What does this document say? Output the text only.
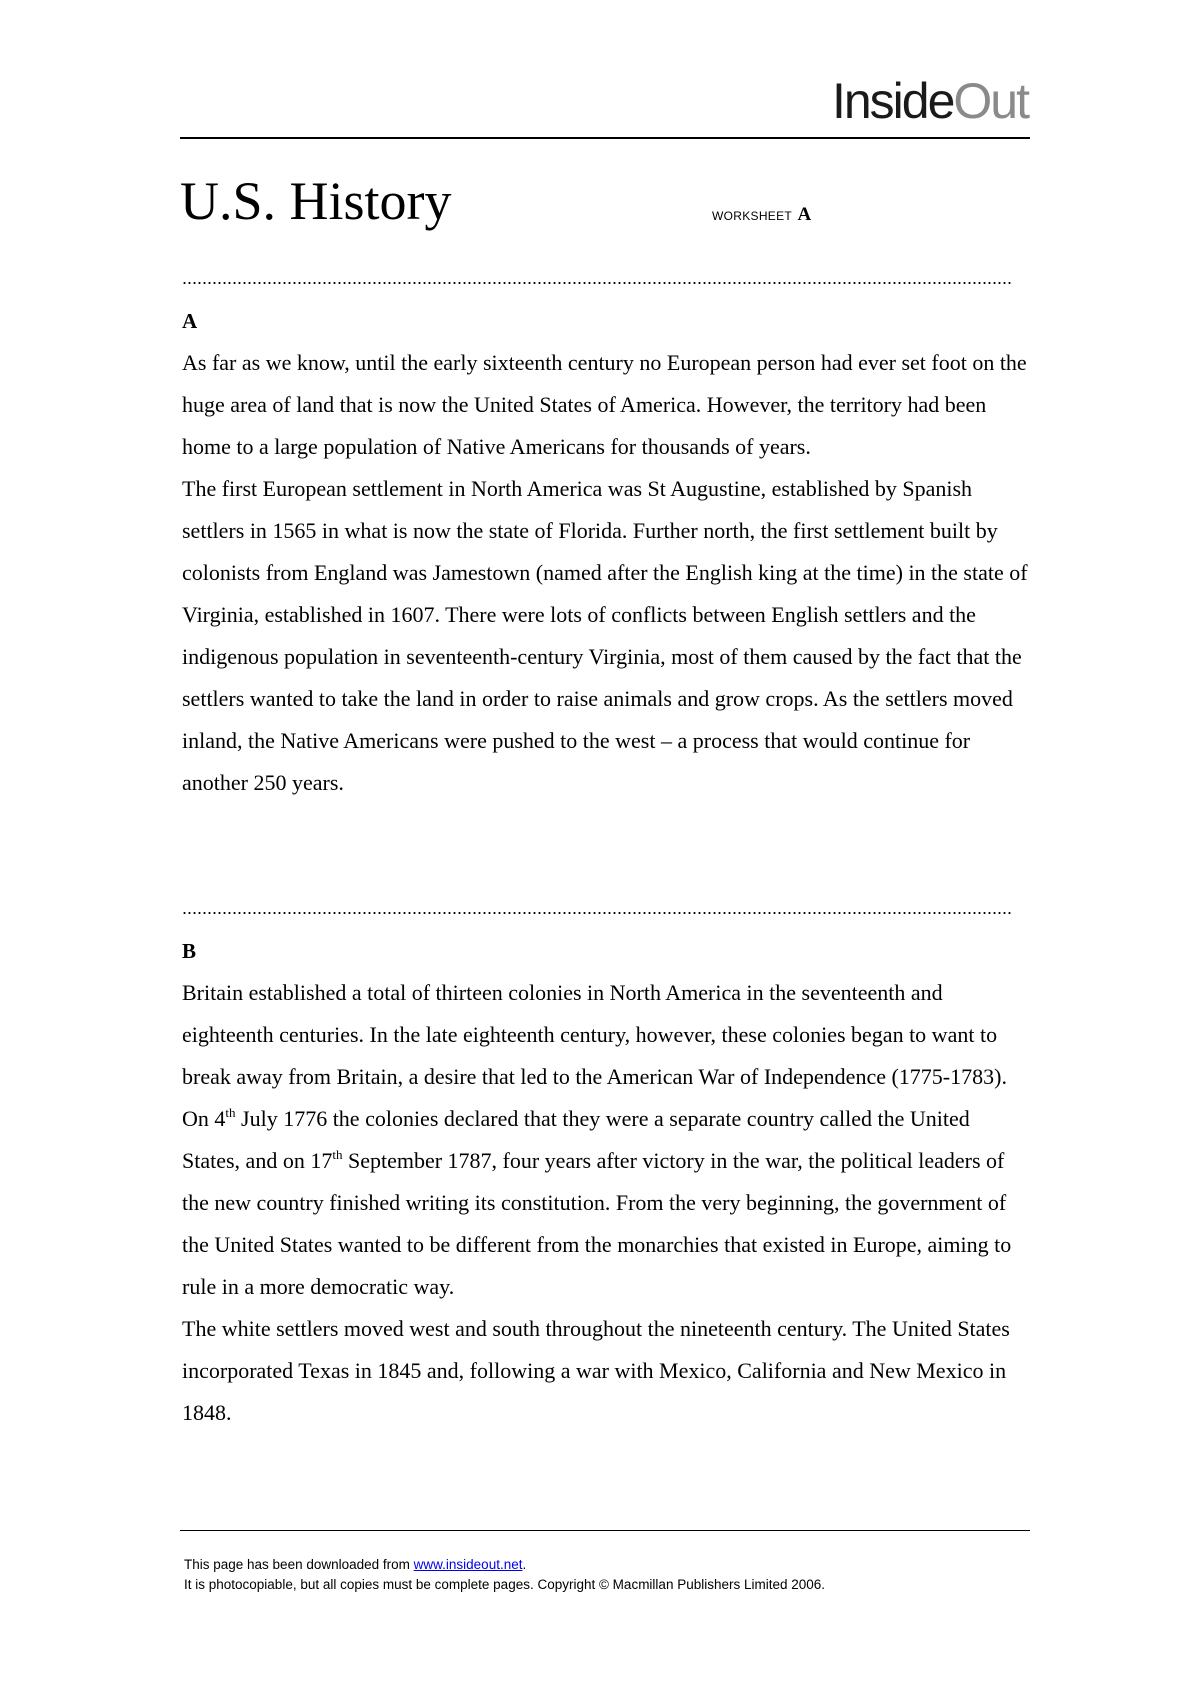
InsideOut
U.S. History	WORKSHEET A
A

As far as we know, until the early sixteenth century no European person had ever set foot on the huge area of land that is now the United States of America. However, the territory had been home to a large population of Native Americans for thousands of years.

The first European settlement in North America was St Augustine, established by Spanish settlers in 1565 in what is now the state of Florida. Further north, the first settlement built by colonists from England was Jamestown (named after the English king at the time) in the state of Virginia, established in 1607. There were lots of conflicts between English settlers and the indigenous population in seventeenth-century Virginia, most of them caused by the fact that the settlers wanted to take the land in order to raise animals and grow crops. As the settlers moved inland, the Native Americans were pushed to the west – a process that would continue for another 250 years.

B

Britain established a total of thirteen colonies in North America in the seventeenth and eighteenth centuries. In the late eighteenth century, however, these colonies began to want to break away from Britain, a desire that led to the American War of Independence (1775-1783). On 4th July 1776 the colonies declared that they were a separate country called the United States, and on 17th September 1787, four years after victory in the war, the political leaders of the new country finished writing its constitution. From the very beginning, the government of the United States wanted to be different from the monarchies that existed in Europe, aiming to rule in a more democratic way.

The white settlers moved west and south throughout the nineteenth century. The United States incorporated Texas in 1845 and, following a war with Mexico, California and New Mexico in 1848.

This page has been downloaded from www.insideout.net.
It is photocopiable, but all copies must be complete pages. Copyright © Macmillan Publishers Limited 2006.
